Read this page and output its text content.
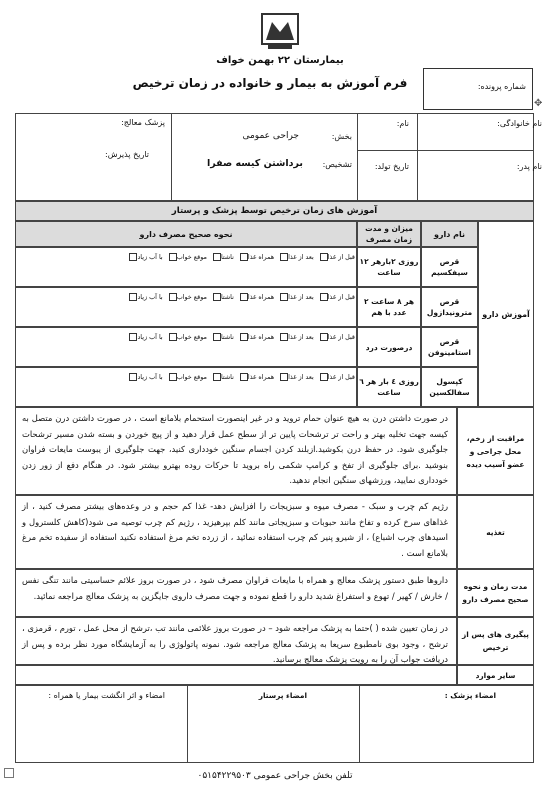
بیمارستان ۲۲ بهمن خواف
فرم آموزش به بیمار و خانواده در زمان ترخیص	شماره پرونده:
✥
نام خانوادگی:
نام:
نام پدر:
تاریخ تولد:
بخش:
جراحی عمومی
تشخیص:
برداشتن کیسه صفرا
پزشک معالج:
تاریخ پذیرش:
آموزش های زمان ترخیص توسط پزشک و پرستار
آموزش دارو
نام دارو
میزان و مدت زمان مصرف
نحوه صحیح مصرف دارو
قرص سیفکسیم
روزی ۲بارهر ۱۲ ساعت
قبل از غذا
بعد از غذا
همراه غذا
ناشتا
موقع خواب
با آب زیاد
قرص مترونیدازول
هر ۸ ساعت ۲ عدد با هم
قبل از غذا
بعد از غذا
همراه غذا
ناشتا
موقع خواب
با آب زیاد
قرص استامینوفن
درصورت درد
قبل از غذا
بعد از غذا
همراه غذا
ناشتا
موقع خواب
با آب زیاد
کپسول سفالکسین
روزی ٤ بار هر ٦ ساعت
قبل از غذا
بعد از غذا
همراه غذا
ناشتا
موقع خواب
با آب زیاد
مراقبت از زخم، محل جراحی و عضو آسیب دیده
در صورت داشتن درن به هیچ عنوان حمام تروید و در غیر اینصورت استحمام بلامانع است ، در صورت داشتن درن متصل به کیسه جهت تخلیه بهتر و راحت تر ترشحات پایین تر از سطح عمل قرار دهید و از پیچ خوردن و بسته شدن مسیر ترشحات جلوگیری شود. در حفظ درن بکوشید.ازبلند کردن اجسام سنگین خودداری کنید، جهت جلوگیری از یبوست مایعات فراوان بنوشید .برای جلوگیری از تفخ و کرامپ شکمی راه بروید تا حرکات روده بهترو بیشتر شود. در هنگام دفع از زور زدن خودداری نمایید، ورزشهای سنگین انجام ندهید.
تغذیه
رژیم کم چرب و سبک - مصرف میوه و سبزیجات را افزایش دهد- غذا کم حجم و در وعده‌های بیشتر مصرف کنید ، از غذاهای سرخ کرده و تفاخ مانند حبوبات و سبزیجاتی مانند کلم بپرهیزید ، رژیم کم چرب توصیه می شود(کاهش کلسترول و اسیدهای چرب اشباع) ، از شیرو پنیر کم چرب استفاده نمائید ، از زرده تخم مرغ استفاده نکنید استفاده از سفیده تخم مرغ بلامانع است .
مدت زمان و نحوه صحیح مصرف دارو
داروها طبق دستور پزشک معالج و همراه با مایعات فراوان مصرف شود ، در صورت بروز علائم حساسیتی مانند تنگی نفس / خارش / کهیر / تهوع و استفراغ شدید دارو را قطع نموده و جهت مصرف داروی جایگزین به پزشک معالج مراجعه نمائید.
پیگیری های پس از ترخیص
در زمان تعیین شده ( )حتما به پزشک مراجعه شود – در صورت بروز علائمی مانند تب ،ترشح از محل عمل ، تورم ، قرمزی ، ترشح ، وجود بوی نامطبوع سریعا به پزشک معالج مراجعه شود. نمونه پاتولوژی را به آزمایشگاه مورد نظر برده و پس از دریافت جواب آن را به رویت پزشک معالج برسانید.
سایر موارد
امضاء پزشک :
امضاء پرستار
امضاء و اثر انگشت بیمار یا همراه :
تلفن بخش جراحی عمومی ۰۵۱۵۴۲۲۹۵۰۳
